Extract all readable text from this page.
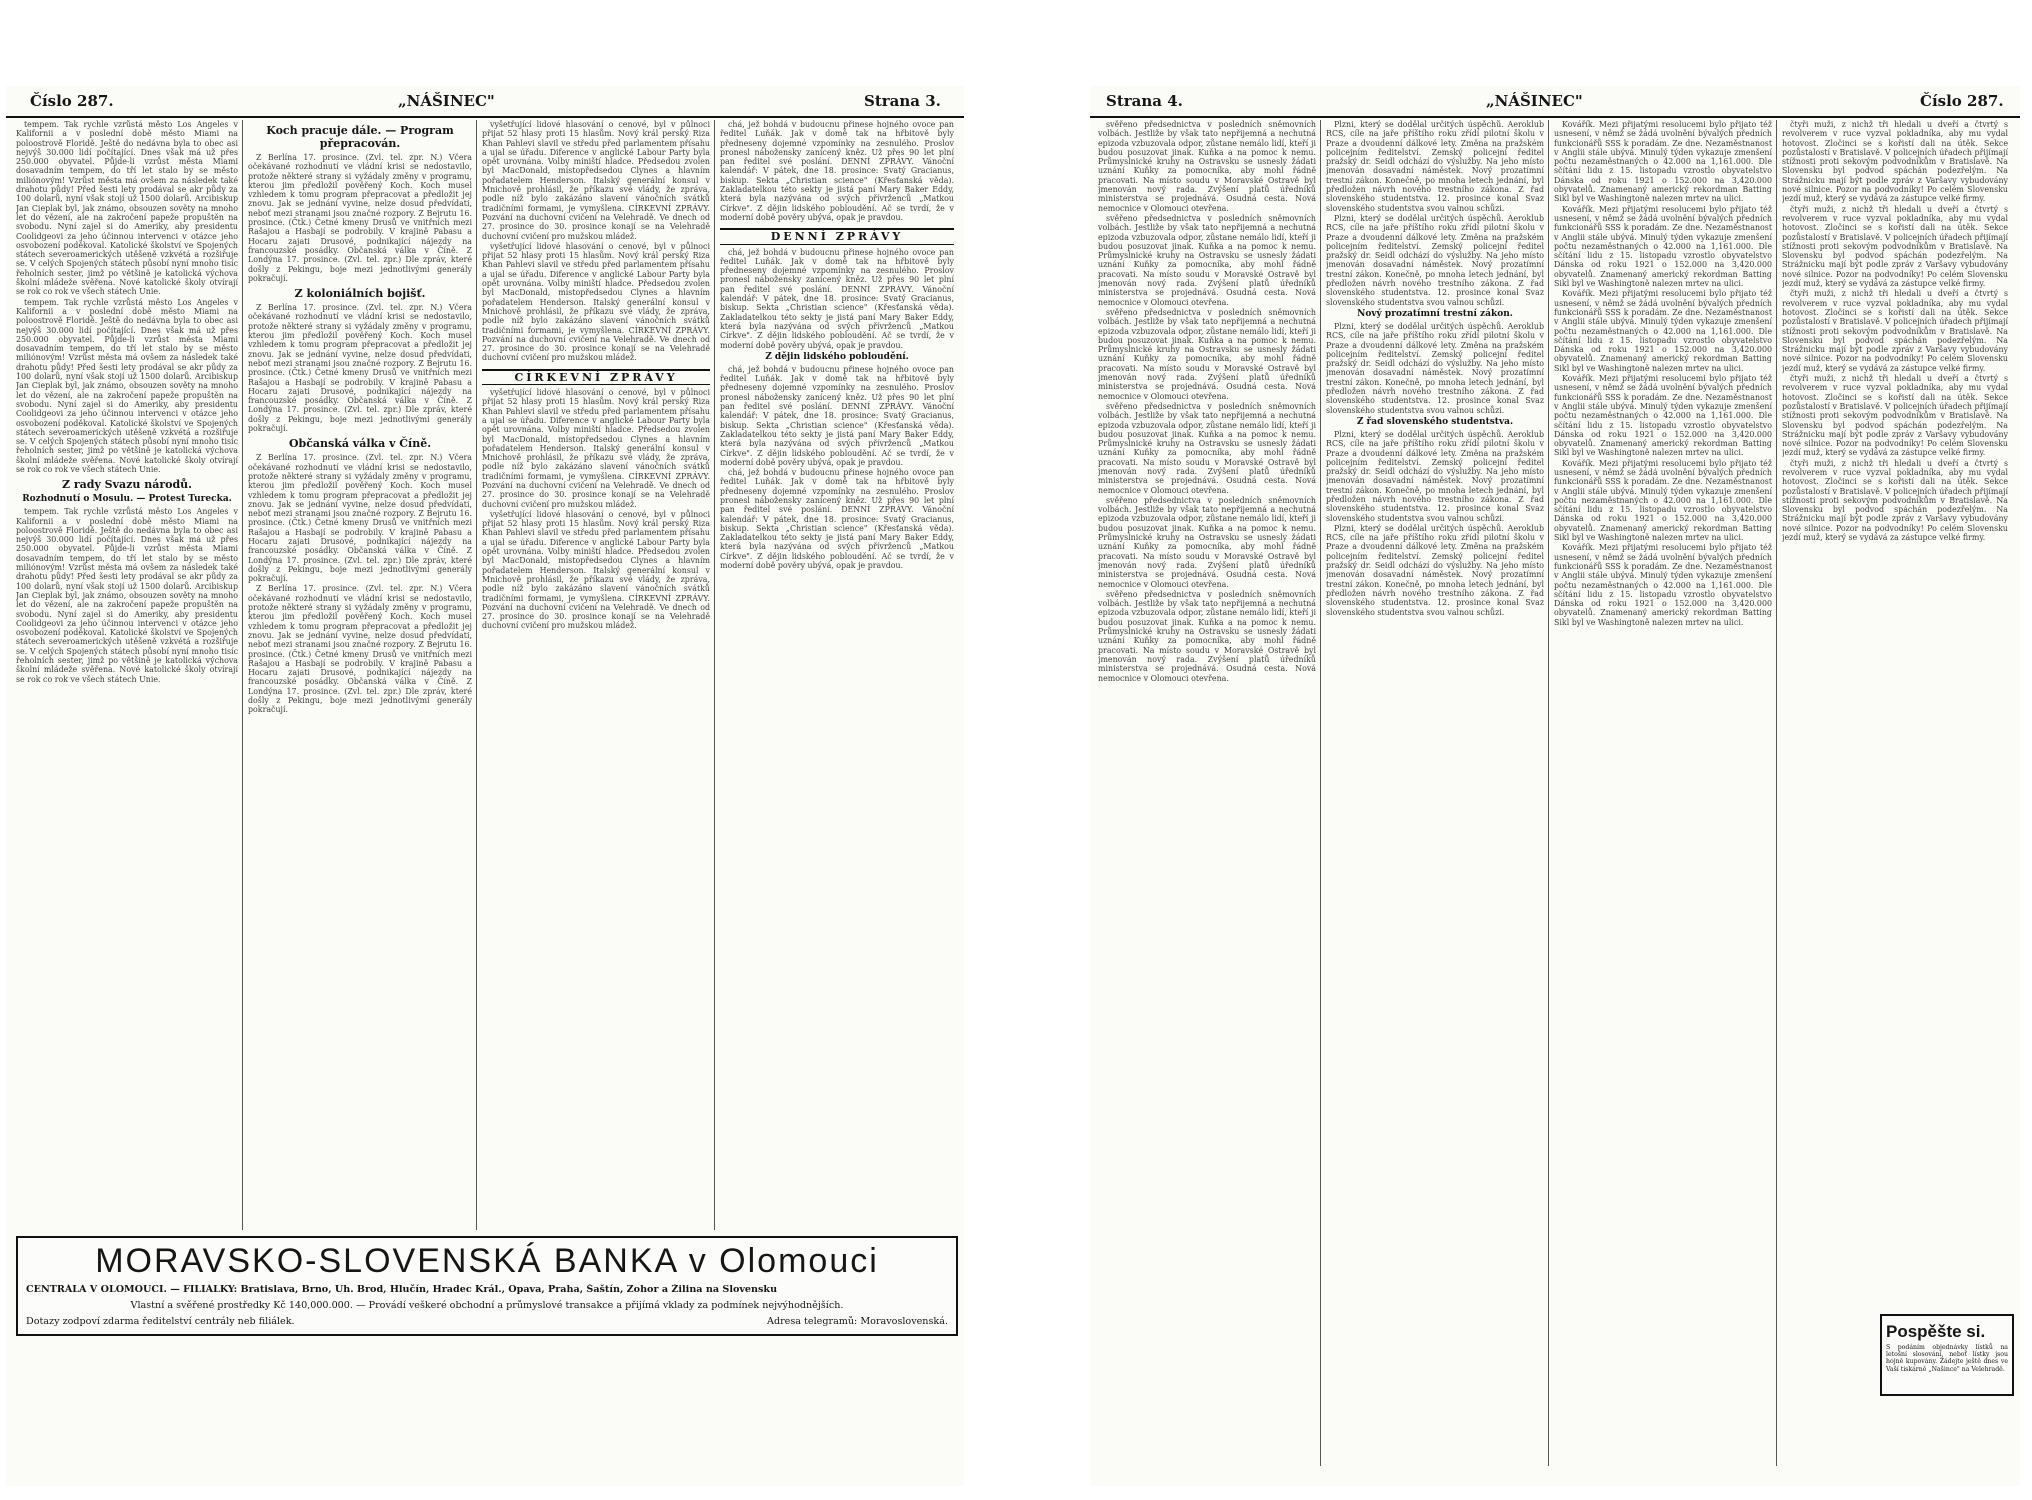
Číslo 287.	„NÁŠINEC"	Strana 3.

tempem. Tak rychle vzrůstá město Los Angeles v Kalifornii a v poslední době město Miami na poloostrově Floridě. Ještě do nedávna byla to obec asi nejvýš 30.000 lidí počítající. Dnes však má už přes 250.000 obyvatel. Půjde-li vzrůst města Miami dosavadním tempem, do tří let stalo by se město miliónovým! Vzrůst města má ovšem za následek také drahotu půdy! Před šesti lety prodával se akr půdy za 100 dolarů, nyní však stojí už 1500 dolarů. Arcibiskup Jan Cieplak byl, jak známo, obsouzen sověty na mnoho let do vězení, ale na zakročení papeže propuštěn na svobodu. Nyní zajel si do Ameriky, aby presidentu Coolidgeovi za jeho účinnou intervenci v otázce jeho osvobození poděkoval. Katolické školství ve Spojených státech severoamerických utěšeně vzkvétá a rozšiřuje se. V celých Spojených státech působí nyní mnoho tisíc řeholních sester, jimž po většině je katolická výchova školní mládeže svěřena. Nové katolické školy otvírají se rok co rok ve všech státech Unie.

tempem. Tak rychle vzrůstá město Los Angeles v Kalifornii a v poslední době město Miami na poloostrově Floridě. Ještě do nedávna byla to obec asi nejvýš 30.000 lidí počítající. Dnes však má už přes 250.000 obyvatel. Půjde-li vzrůst města Miami dosavadním tempem, do tří let stalo by se město miliónovým! Vzrůst města má ovšem za následek také drahotu půdy! Před šesti lety prodával se akr půdy za 100 dolarů, nyní však stojí už 1500 dolarů. Arcibiskup Jan Cieplak byl, jak známo, obsouzen sověty na mnoho let do vězení, ale na zakročení papeže propuštěn na svobodu. Nyní zajel si do Ameriky, aby presidentu Coolidgeovi za jeho účinnou intervenci v otázce jeho osvobození poděkoval. Katolické školství ve Spojených státech severoamerických utěšeně vzkvétá a rozšiřuje se. V celých Spojených státech působí nyní mnoho tisíc řeholních sester, jimž po většině je katolická výchova školní mládeže svěřena. Nové katolické školy otvírají se rok co rok ve všech státech Unie.

Z rady Svazu národů.

Rozhodnutí o Mosulu. — Protest Turecka.

tempem. Tak rychle vzrůstá město Los Angeles v Kalifornii a v poslední době město Miami na poloostrově Floridě. Ještě do nedávna byla to obec asi nejvýš 30.000 lidí počítající. Dnes však má už přes 250.000 obyvatel. Půjde-li vzrůst města Miami dosavadním tempem, do tří let stalo by se město miliónovým! Vzrůst města má ovšem za následek také drahotu půdy! Před šesti lety prodával se akr půdy za 100 dolarů, nyní však stojí už 1500 dolarů. Arcibiskup Jan Cieplak byl, jak známo, obsouzen sověty na mnoho let do vězení, ale na zakročení papeže propuštěn na svobodu. Nyní zajel si do Ameriky, aby presidentu Coolidgeovi za jeho účinnou intervenci v otázce jeho osvobození poděkoval. Katolické školství ve Spojených státech severoamerických utěšeně vzkvétá a rozšiřuje se. V celých Spojených státech působí nyní mnoho tisíc řeholních sester, jimž po většině je katolická výchova školní mládeže svěřena. Nové katolické školy otvírají se rok co rok ve všech státech Unie.

Koch pracuje dále. — Program přepracován.

Z Berlína 17. prosince. (Zvl. tel. zpr. N.) Včera očekávané rozhodnutí ve vládní krisi se nedostavilo, protože některé strany si vyžádaly změny v programu, kterou jim předložil pověřený Koch. Koch musel vzhledem k tomu program přepracovat a předložit jej znovu. Jak se jednání vyvine, nelze dosud předvídati, neboť mezi stranami jsou značné rozpory. Z Bejrutu 16. prosince. (Čtk.) Četné kmeny Drusů ve vnitřních mezi Rašajou a Hasbají se podrobily. V krajině Pabasu a Hocaru zajati Drusové, podnikající nájezdy na francouzské posádky. Občanská válka v Číně. Z Londýna 17. prosince. (Zvl. tel. zpr.) Dle zpráv, které došly z Pekingu, boje mezi jednotlivými generály pokračují.

Z koloniálních bojišť.

Z Berlína 17. prosince. (Zvl. tel. zpr. N.) Včera očekávané rozhodnutí ve vládní krisi se nedostavilo, protože některé strany si vyžádaly změny v programu, kterou jim předložil pověřený Koch. Koch musel vzhledem k tomu program přepracovat a předložit jej znovu. Jak se jednání vyvine, nelze dosud předvídati, neboť mezi stranami jsou značné rozpory. Z Bejrutu 16. prosince. (Čtk.) Četné kmeny Drusů ve vnitřních mezi Rašajou a Hasbají se podrobily. V krajině Pabasu a Hocaru zajati Drusové, podnikající nájezdy na francouzské posádky. Občanská válka v Číně. Z Londýna 17. prosince. (Zvl. tel. zpr.) Dle zpráv, které došly z Pekingu, boje mezi jednotlivými generály pokračují.

Občanská válka v Číně.

Z Berlína 17. prosince. (Zvl. tel. zpr. N.) Včera očekávané rozhodnutí ve vládní krisi se nedostavilo, protože některé strany si vyžádaly změny v programu, kterou jim předložil pověřený Koch. Koch musel vzhledem k tomu program přepracovat a předložit jej znovu. Jak se jednání vyvine, nelze dosud předvídati, neboť mezi stranami jsou značné rozpory. Z Bejrutu 16. prosince. (Čtk.) Četné kmeny Drusů ve vnitřních mezi Rašajou a Hasbají se podrobily. V krajině Pabasu a Hocaru zajati Drusové, podnikající nájezdy na francouzské posádky. Občanská válka v Číně. Z Londýna 17. prosince. (Zvl. tel. zpr.) Dle zpráv, které došly z Pekingu, boje mezi jednotlivými generály pokračují.

Z Berlína 17. prosince. (Zvl. tel. zpr. N.) Včera očekávané rozhodnutí ve vládní krisi se nedostavilo, protože některé strany si vyžádaly změny v programu, kterou jim předložil pověřený Koch. Koch musel vzhledem k tomu program přepracovat a předložit jej znovu. Jak se jednání vyvine, nelze dosud předvídati, neboť mezi stranami jsou značné rozpory. Z Bejrutu 16. prosince. (Čtk.) Četné kmeny Drusů ve vnitřních mezi Rašajou a Hasbají se podrobily. V krajině Pabasu a Hocaru zajati Drusové, podnikající nájezdy na francouzské posádky. Občanská válka v Číně. Z Londýna 17. prosince. (Zvl. tel. zpr.) Dle zpráv, které došly z Pekingu, boje mezi jednotlivými generály pokračují.

vyšetřující lidové hlasování o cenové, byl v půlnoci přijat 52 hlasy proti 15 hlasům. Nový král perský Riza Khan Pahlevi slavil ve středu před parlamentem přísahu a ujal se úřadu. Diference v anglické Labour Party byla opět urovnána. Volby miniští hladce. Předsedou zvolen byl MacDonald, místopředsedou Clynes a hlavním pořadatelem Henderson. Italský generální konsul v Mnichově prohlásil, že příkazu své vlády, že zpráva, podle níž bylo zakázáno slavení vánočních svátků tradičními formami, je vymyšlena. CÍRKEVNÍ ZPRÁVY. Pozvání na duchovní cvičení na Velehradě. Ve dnech od 27. prosince do 30. prosince konají se na Velehradě duchovní cvičení pro mužskou mládež.

vyšetřující lidové hlasování o cenové, byl v půlnoci přijat 52 hlasy proti 15 hlasům. Nový král perský Riza Khan Pahlevi slavil ve středu před parlamentem přísahu a ujal se úřadu. Diference v anglické Labour Party byla opět urovnána. Volby miniští hladce. Předsedou zvolen byl MacDonald, místopředsedou Clynes a hlavním pořadatelem Henderson. Italský generální konsul v Mnichově prohlásil, že příkazu své vlády, že zpráva, podle níž bylo zakázáno slavení vánočních svátků tradičními formami, je vymyšlena. CÍRKEVNÍ ZPRÁVY. Pozvání na duchovní cvičení na Velehradě. Ve dnech od 27. prosince do 30. prosince konají se na Velehradě duchovní cvičení pro mužskou mládež.

CÍRKEVNÍ ZPRÁVY

vyšetřující lidové hlasování o cenové, byl v půlnoci přijat 52 hlasy proti 15 hlasům. Nový král perský Riza Khan Pahlevi slavil ve středu před parlamentem přísahu a ujal se úřadu. Diference v anglické Labour Party byla opět urovnána. Volby miniští hladce. Předsedou zvolen byl MacDonald, místopředsedou Clynes a hlavním pořadatelem Henderson. Italský generální konsul v Mnichově prohlásil, že příkazu své vlády, že zpráva, podle níž bylo zakázáno slavení vánočních svátků tradičními formami, je vymyšlena. CÍRKEVNÍ ZPRÁVY. Pozvání na duchovní cvičení na Velehradě. Ve dnech od 27. prosince do 30. prosince konají se na Velehradě duchovní cvičení pro mužskou mládež.

vyšetřující lidové hlasování o cenové, byl v půlnoci přijat 52 hlasy proti 15 hlasům. Nový král perský Riza Khan Pahlevi slavil ve středu před parlamentem přísahu a ujal se úřadu. Diference v anglické Labour Party byla opět urovnána. Volby miniští hladce. Předsedou zvolen byl MacDonald, místopředsedou Clynes a hlavním pořadatelem Henderson. Italský generální konsul v Mnichově prohlásil, že příkazu své vlády, že zpráva, podle níž bylo zakázáno slavení vánočních svátků tradičními formami, je vymyšlena. CÍRKEVNÍ ZPRÁVY. Pozvání na duchovní cvičení na Velehradě. Ve dnech od 27. prosince do 30. prosince konají se na Velehradě duchovní cvičení pro mužskou mládež.

chá, jež bohdá v budoucnu přinese hojného ovoce pan ředitel Luňák. Jak v domě tak na hřbitově byly předneseny dojemné vzpomínky na zesnulého. Proslov pronesl nábožensky zanícený kněz. Už přes 90 let plní pan ředitel své poslání. DENNÍ ZPRÁVY. Vánoční kalendář: V pátek, dne 18. prosince: Svatý Gracianus, biskup. Sekta „Christian science" (Křesťanská věda). Zakladatelkou této sekty je jistá paní Mary Baker Eddy, která byla nazývána od svých přívrženců „Matkou Církve". Z dějin lidského pobloudění. Ač se tvrdí, že v moderní době pověry ubývá, opak je pravdou.

DENNÍ ZPRÁVY

chá, jež bohdá v budoucnu přinese hojného ovoce pan ředitel Luňák. Jak v domě tak na hřbitově byly předneseny dojemné vzpomínky na zesnulého. Proslov pronesl nábožensky zanícený kněz. Už přes 90 let plní pan ředitel své poslání. DENNÍ ZPRÁVY. Vánoční kalendář: V pátek, dne 18. prosince: Svatý Gracianus, biskup. Sekta „Christian science" (Křesťanská věda). Zakladatelkou této sekty je jistá paní Mary Baker Eddy, která byla nazývána od svých přívrženců „Matkou Církve". Z dějin lidského pobloudění. Ač se tvrdí, že v moderní době pověry ubývá, opak je pravdou.

Z dějin lidského pobloudění.

chá, jež bohdá v budoucnu přinese hojného ovoce pan ředitel Luňák. Jak v domě tak na hřbitově byly předneseny dojemné vzpomínky na zesnulého. Proslov pronesl nábožensky zanícený kněz. Už přes 90 let plní pan ředitel své poslání. DENNÍ ZPRÁVY. Vánoční kalendář: V pátek, dne 18. prosince: Svatý Gracianus, biskup. Sekta „Christian science" (Křesťanská věda). Zakladatelkou této sekty je jistá paní Mary Baker Eddy, která byla nazývána od svých přívrženců „Matkou Církve". Z dějin lidského pobloudění. Ač se tvrdí, že v moderní době pověry ubývá, opak je pravdou.

chá, jež bohdá v budoucnu přinese hojného ovoce pan ředitel Luňák. Jak v domě tak na hřbitově byly předneseny dojemné vzpomínky na zesnulého. Proslov pronesl nábožensky zanícený kněz. Už přes 90 let plní pan ředitel své poslání. DENNÍ ZPRÁVY. Vánoční kalendář: V pátek, dne 18. prosince: Svatý Gracianus, biskup. Sekta „Christian science" (Křesťanská věda). Zakladatelkou této sekty je jistá paní Mary Baker Eddy, která byla nazývána od svých přívrženců „Matkou Církve". Z dějin lidského pobloudění. Ač se tvrdí, že v moderní době pověry ubývá, opak je pravdou.

MORAVSKO-SLOVENSKÁ BANKA v Olomouci
CENTRÁLA V OLOMOUCI. — FILIÁLKY: Bratislava, Brno, Uh. Brod, Hlučín, Hradec Král., Opava, Praha, Šaštín, Zohor a Žilina na Slovensku
Vlastní a svěřené prostředky Kč 140,000.000. — Provádí veškeré obchodní a průmyslové transakce a přijímá vklady za podmínek nejvýhodnějších.
Dotazy zodpoví zdarma ředitelství centrály neb filiálek.	Adresa telegramů: Moravoslovenská.
Strana 4.	„NÁŠINEC"	Číslo 287.

svěřeno předsednictva v posledních sněmovních volbách. Jestliže by však tato nepřijemná a nechutná epizoda vzbuzovala odpor, zůstane nemálo lidí, kteří ji budou posuzovat jinak. Kuňka a na pomoc k nemu. Průmyslnické kruhy na Ostravsku se usnesly žádati uznání Kuňky za pomocníka, aby mohl řádně pracovati. Na místo soudu v Moravské Ostravě byl jmenován nový rada. Zvýšení platů úředníků ministerstva se projednává. Osudná cesta. Nová nemocnice v Olomouci otevřena.

svěřeno předsednictva v posledních sněmovních volbách. Jestliže by však tato nepřijemná a nechutná epizoda vzbuzovala odpor, zůstane nemálo lidí, kteří ji budou posuzovat jinak. Kuňka a na pomoc k nemu. Průmyslnické kruhy na Ostravsku se usnesly žádati uznání Kuňky za pomocníka, aby mohl řádně pracovati. Na místo soudu v Moravské Ostravě byl jmenován nový rada. Zvýšení platů úředníků ministerstva se projednává. Osudná cesta. Nová nemocnice v Olomouci otevřena.

svěřeno předsednictva v posledních sněmovních volbách. Jestliže by však tato nepřijemná a nechutná epizoda vzbuzovala odpor, zůstane nemálo lidí, kteří ji budou posuzovat jinak. Kuňka a na pomoc k nemu. Průmyslnické kruhy na Ostravsku se usnesly žádati uznání Kuňky za pomocníka, aby mohl řádně pracovati. Na místo soudu v Moravské Ostravě byl jmenován nový rada. Zvýšení platů úředníků ministerstva se projednává. Osudná cesta. Nová nemocnice v Olomouci otevřena.

svěřeno předsednictva v posledních sněmovních volbách. Jestliže by však tato nepřijemná a nechutná epizoda vzbuzovala odpor, zůstane nemálo lidí, kteří ji budou posuzovat jinak. Kuňka a na pomoc k nemu. Průmyslnické kruhy na Ostravsku se usnesly žádati uznání Kuňky za pomocníka, aby mohl řádně pracovati. Na místo soudu v Moravské Ostravě byl jmenován nový rada. Zvýšení platů úředníků ministerstva se projednává. Osudná cesta. Nová nemocnice v Olomouci otevřena.

svěřeno předsednictva v posledních sněmovních volbách. Jestliže by však tato nepřijemná a nechutná epizoda vzbuzovala odpor, zůstane nemálo lidí, kteří ji budou posuzovat jinak. Kuňka a na pomoc k nemu. Průmyslnické kruhy na Ostravsku se usnesly žádati uznání Kuňky za pomocníka, aby mohl řádně pracovati. Na místo soudu v Moravské Ostravě byl jmenován nový rada. Zvýšení platů úředníků ministerstva se projednává. Osudná cesta. Nová nemocnice v Olomouci otevřena.

svěřeno předsednictva v posledních sněmovních volbách. Jestliže by však tato nepřijemná a nechutná epizoda vzbuzovala odpor, zůstane nemálo lidí, kteří ji budou posuzovat jinak. Kuňka a na pomoc k nemu. Průmyslnické kruhy na Ostravsku se usnesly žádati uznání Kuňky za pomocníka, aby mohl řádně pracovati. Na místo soudu v Moravské Ostravě byl jmenován nový rada. Zvýšení platů úředníků ministerstva se projednává. Osudná cesta. Nová nemocnice v Olomouci otevřena.

Plzni, který se dodělal určitých úspěchů. Aeroklub RCS, cíle na jaře příštího roku zřídí pilotní školu v Praze a dvoudenní dálkové lety. Změna na pražském policejním ředitelství. Zemský policejní ředitel pražský dr. Seidl odchází do výslužby. Na jeho místo jmenován dosavadní náměstek. Nový prozatímní trestní zákon. Konečně, po mnoha letech jednání, byl předložen návrh nového trestního zákona. Z řad slovenského studentstva. 12. prosince konal Svaz slovenského studentstva svou valnou schůzi.

Plzni, který se dodělal určitých úspěchů. Aeroklub RCS, cíle na jaře příštího roku zřídí pilotní školu v Praze a dvoudenní dálkové lety. Změna na pražském policejním ředitelství. Zemský policejní ředitel pražský dr. Seidl odchází do výslužby. Na jeho místo jmenován dosavadní náměstek. Nový prozatímní trestní zákon. Konečně, po mnoha letech jednání, byl předložen návrh nového trestního zákona. Z řad slovenského studentstva. 12. prosince konal Svaz slovenského studentstva svou valnou schůzi.

Nový prozatímní trestní zákon.

Plzni, který se dodělal určitých úspěchů. Aeroklub RCS, cíle na jaře příštího roku zřídí pilotní školu v Praze a dvoudenní dálkové lety. Změna na pražském policejním ředitelství. Zemský policejní ředitel pražský dr. Seidl odchází do výslužby. Na jeho místo jmenován dosavadní náměstek. Nový prozatímní trestní zákon. Konečně, po mnoha letech jednání, byl předložen návrh nového trestního zákona. Z řad slovenského studentstva. 12. prosince konal Svaz slovenského studentstva svou valnou schůzi.

Z řad slovenského studentstva.

Plzni, který se dodělal určitých úspěchů. Aeroklub RCS, cíle na jaře příštího roku zřídí pilotní školu v Praze a dvoudenní dálkové lety. Změna na pražském policejním ředitelství. Zemský policejní ředitel pražský dr. Seidl odchází do výslužby. Na jeho místo jmenován dosavadní náměstek. Nový prozatímní trestní zákon. Konečně, po mnoha letech jednání, byl předložen návrh nového trestního zákona. Z řad slovenského studentstva. 12. prosince konal Svaz slovenského studentstva svou valnou schůzi.

Plzni, který se dodělal určitých úspěchů. Aeroklub RCS, cíle na jaře příštího roku zřídí pilotní školu v Praze a dvoudenní dálkové lety. Změna na pražském policejním ředitelství. Zemský policejní ředitel pražský dr. Seidl odchází do výslužby. Na jeho místo jmenován dosavadní náměstek. Nový prozatímní trestní zákon. Konečně, po mnoha letech jednání, byl předložen návrh nového trestního zákona. Z řad slovenského studentstva. 12. prosince konal Svaz slovenského studentstva svou valnou schůzi.

Kovářík. Mezi přijatými resolucemi bylo přijato též usnesení, v němž se žádá uvolnění bývalých předních funkcionářů SSS k poradám. Ze dne. Nezaměstnanost v Anglii stále ubývá. Minulý týden vykazuje zmenšení počtu nezaměstnaných o 42.000 na 1,161.000. Dle sčítání lidu z 15. listopadu vzrostlo obyvatelstvo Dánska od roku 1921 o 152.000 na 3,420.000 obyvatelů. Znamenaný americký rekordman Batting Sikl byl ve Washingtoně nalezen mrtev na ulici.

Kovářík. Mezi přijatými resolucemi bylo přijato též usnesení, v němž se žádá uvolnění bývalých předních funkcionářů SSS k poradám. Ze dne. Nezaměstnanost v Anglii stále ubývá. Minulý týden vykazuje zmenšení počtu nezaměstnaných o 42.000 na 1,161.000. Dle sčítání lidu z 15. listopadu vzrostlo obyvatelstvo Dánska od roku 1921 o 152.000 na 3,420.000 obyvatelů. Znamenaný americký rekordman Batting Sikl byl ve Washingtoně nalezen mrtev na ulici.

Kovářík. Mezi přijatými resolucemi bylo přijato též usnesení, v němž se žádá uvolnění bývalých předních funkcionářů SSS k poradám. Ze dne. Nezaměstnanost v Anglii stále ubývá. Minulý týden vykazuje zmenšení počtu nezaměstnaných o 42.000 na 1,161.000. Dle sčítání lidu z 15. listopadu vzrostlo obyvatelstvo Dánska od roku 1921 o 152.000 na 3,420.000 obyvatelů. Znamenaný americký rekordman Batting Sikl byl ve Washingtoně nalezen mrtev na ulici.

Kovářík. Mezi přijatými resolucemi bylo přijato též usnesení, v němž se žádá uvolnění bývalých předních funkcionářů SSS k poradám. Ze dne. Nezaměstnanost v Anglii stále ubývá. Minulý týden vykazuje zmenšení počtu nezaměstnaných o 42.000 na 1,161.000. Dle sčítání lidu z 15. listopadu vzrostlo obyvatelstvo Dánska od roku 1921 o 152.000 na 3,420.000 obyvatelů. Znamenaný americký rekordman Batting Sikl byl ve Washingtoně nalezen mrtev na ulici.

Kovářík. Mezi přijatými resolucemi bylo přijato též usnesení, v němž se žádá uvolnění bývalých předních funkcionářů SSS k poradám. Ze dne. Nezaměstnanost v Anglii stále ubývá. Minulý týden vykazuje zmenšení počtu nezaměstnaných o 42.000 na 1,161.000. Dle sčítání lidu z 15. listopadu vzrostlo obyvatelstvo Dánska od roku 1921 o 152.000 na 3,420.000 obyvatelů. Znamenaný americký rekordman Batting Sikl byl ve Washingtoně nalezen mrtev na ulici.

Kovářík. Mezi přijatými resolucemi bylo přijato též usnesení, v němž se žádá uvolnění bývalých předních funkcionářů SSS k poradám. Ze dne. Nezaměstnanost v Anglii stále ubývá. Minulý týden vykazuje zmenšení počtu nezaměstnaných o 42.000 na 1,161.000. Dle sčítání lidu z 15. listopadu vzrostlo obyvatelstvo Dánska od roku 1921 o 152.000 na 3,420.000 obyvatelů. Znamenaný americký rekordman Batting Sikl byl ve Washingtoně nalezen mrtev na ulici.

čtyři muži, z nichž tři hledali u dveří a čtvrtý s revolverem v ruce vyzval pokladníka, aby mu vydal hotovost. Zločinci se s kořistí dali na útěk. Sekce pozůstalostí v Bratislavě. V policejních úřadech přijímají stížnosti proti sekovým podvodníkům v Bratislavě. Na Slovensku byl podvod spáchán podezřelým. Na Strážnicku mají být podle zpráv z Varšavy vybudovány nové silnice. Pozor na podvodníky! Po celém Slovensku jezdí muž, který se vydává za zástupce velké firmy.

čtyři muži, z nichž tři hledali u dveří a čtvrtý s revolverem v ruce vyzval pokladníka, aby mu vydal hotovost. Zločinci se s kořistí dali na útěk. Sekce pozůstalostí v Bratislavě. V policejních úřadech přijímají stížnosti proti sekovým podvodníkům v Bratislavě. Na Slovensku byl podvod spáchán podezřelým. Na Strážnicku mají být podle zpráv z Varšavy vybudovány nové silnice. Pozor na podvodníky! Po celém Slovensku jezdí muž, který se vydává za zástupce velké firmy.

čtyři muži, z nichž tři hledali u dveří a čtvrtý s revolverem v ruce vyzval pokladníka, aby mu vydal hotovost. Zločinci se s kořistí dali na útěk. Sekce pozůstalostí v Bratislavě. V policejních úřadech přijímají stížnosti proti sekovým podvodníkům v Bratislavě. Na Slovensku byl podvod spáchán podezřelým. Na Strážnicku mají být podle zpráv z Varšavy vybudovány nové silnice. Pozor na podvodníky! Po celém Slovensku jezdí muž, který se vydává za zástupce velké firmy.

čtyři muži, z nichž tři hledali u dveří a čtvrtý s revolverem v ruce vyzval pokladníka, aby mu vydal hotovost. Zločinci se s kořistí dali na útěk. Sekce pozůstalostí v Bratislavě. V policejních úřadech přijímají stížnosti proti sekovým podvodníkům v Bratislavě. Na Slovensku byl podvod spáchán podezřelým. Na Strážnicku mají být podle zpráv z Varšavy vybudovány nové silnice. Pozor na podvodníky! Po celém Slovensku jezdí muž, který se vydává za zástupce velké firmy.

čtyři muži, z nichž tři hledali u dveří a čtvrtý s revolverem v ruce vyzval pokladníka, aby mu vydal hotovost. Zločinci se s kořistí dali na útěk. Sekce pozůstalostí v Bratislavě. V policejních úřadech přijímají stížnosti proti sekovým podvodníkům v Bratislavě. Na Slovensku byl podvod spáchán podezřelým. Na Strážnicku mají být podle zpráv z Varšavy vybudovány nové silnice. Pozor na podvodníky! Po celém Slovensku jezdí muž, který se vydává za zástupce velké firmy.

Pospěšte si.
S podáním objednávky lístků na letošní slosování, neboť lístky jsou hojně kupovány. Žádejte ještě dnes ve Vaší tiskárně „Našince" na Velehradě.
